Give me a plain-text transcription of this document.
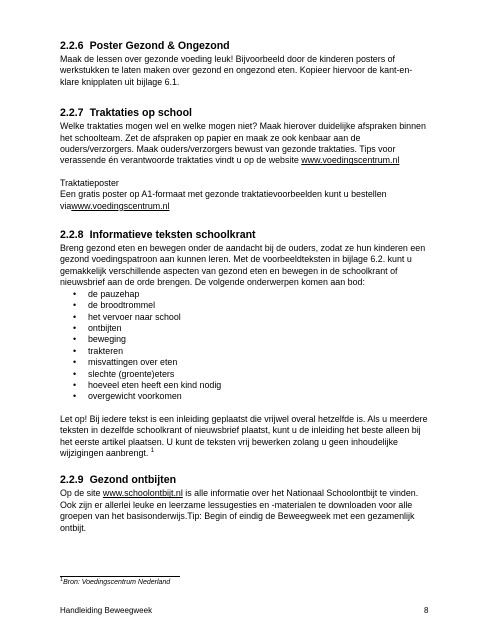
2.2.6 Poster Gezond & Ongezond

Maak de lessen over gezonde voeding leuk! Bijvoorbeeld door de kinderen posters of werkstukken te laten maken over gezond en ongezond eten. Kopieer hiervoor de kant-en-klare knipplaten uit bijlage 6.1.

2.2.7 Traktaties op school

Welke traktaties mogen wel en welke mogen niet? Maak hierover duidelijke afspraken binnen het schoolteam. Zet de afspraken op papier en maak ze ook kenbaar aan de ouders/verzorgers. Maak ouders/verzorgers bewust van gezonde traktaties. Tips voor verassende én verantwoorde traktaties vindt u op de website www.voedingscentrum.nl

Traktatieposter

Een gratis poster op A1-formaat met gezonde traktatievoorbeelden kunt u bestellen viawww.voedingscentrum.nl

2.2.8 Informatieve teksten schoolkrant

Breng gezond eten en bewegen onder de aandacht bij de ouders, zodat ze hun kinderen een gezond voedingspatroon aan kunnen leren. Met de voorbeeldteksten in bijlage 6.2. kunt u gemakkelijk verschillende aspecten van gezond eten en bewegen in de schoolkrant of nieuwsbrief aan de orde brengen. De volgende onderwerpen komen aan bod:

• de pauzehap
• de broodtrommel
• het vervoer naar school
• ontbijten
• beweging
• trakteren
• misvattingen over eten
• slechte (groente)eters
• hoeveel eten heeft een kind nodig
• overgewicht voorkomen

Let op! Bij iedere tekst is een inleiding geplaatst die vrijwel overal hetzelfde is. Als u meerdere teksten in dezelfde schoolkrant of nieuwsbrief plaatst, kunt u de inleiding het beste alleen bij het eerste artikel plaatsen. U kunt de teksten vrij bewerken zolang u geen inhoudelijke wijzigingen aanbrengt. $^1$

2.2.9 Gezond ontbijten

Op de site www.schoolontbijt.nl is alle informatie over het Nationaal Schoolontbijt te vinden. Ook zijn er allerlei leuke en leerzame lessugesties en -materialen te downloaden voor alle groepen van het basisonderwijs.Tip: Begin of eindig de Beweegweek met een gezamenlijk ontbijt.

$^1$Bron: Voedingscentrum Nederland
Handleiding Beweegweek	8
